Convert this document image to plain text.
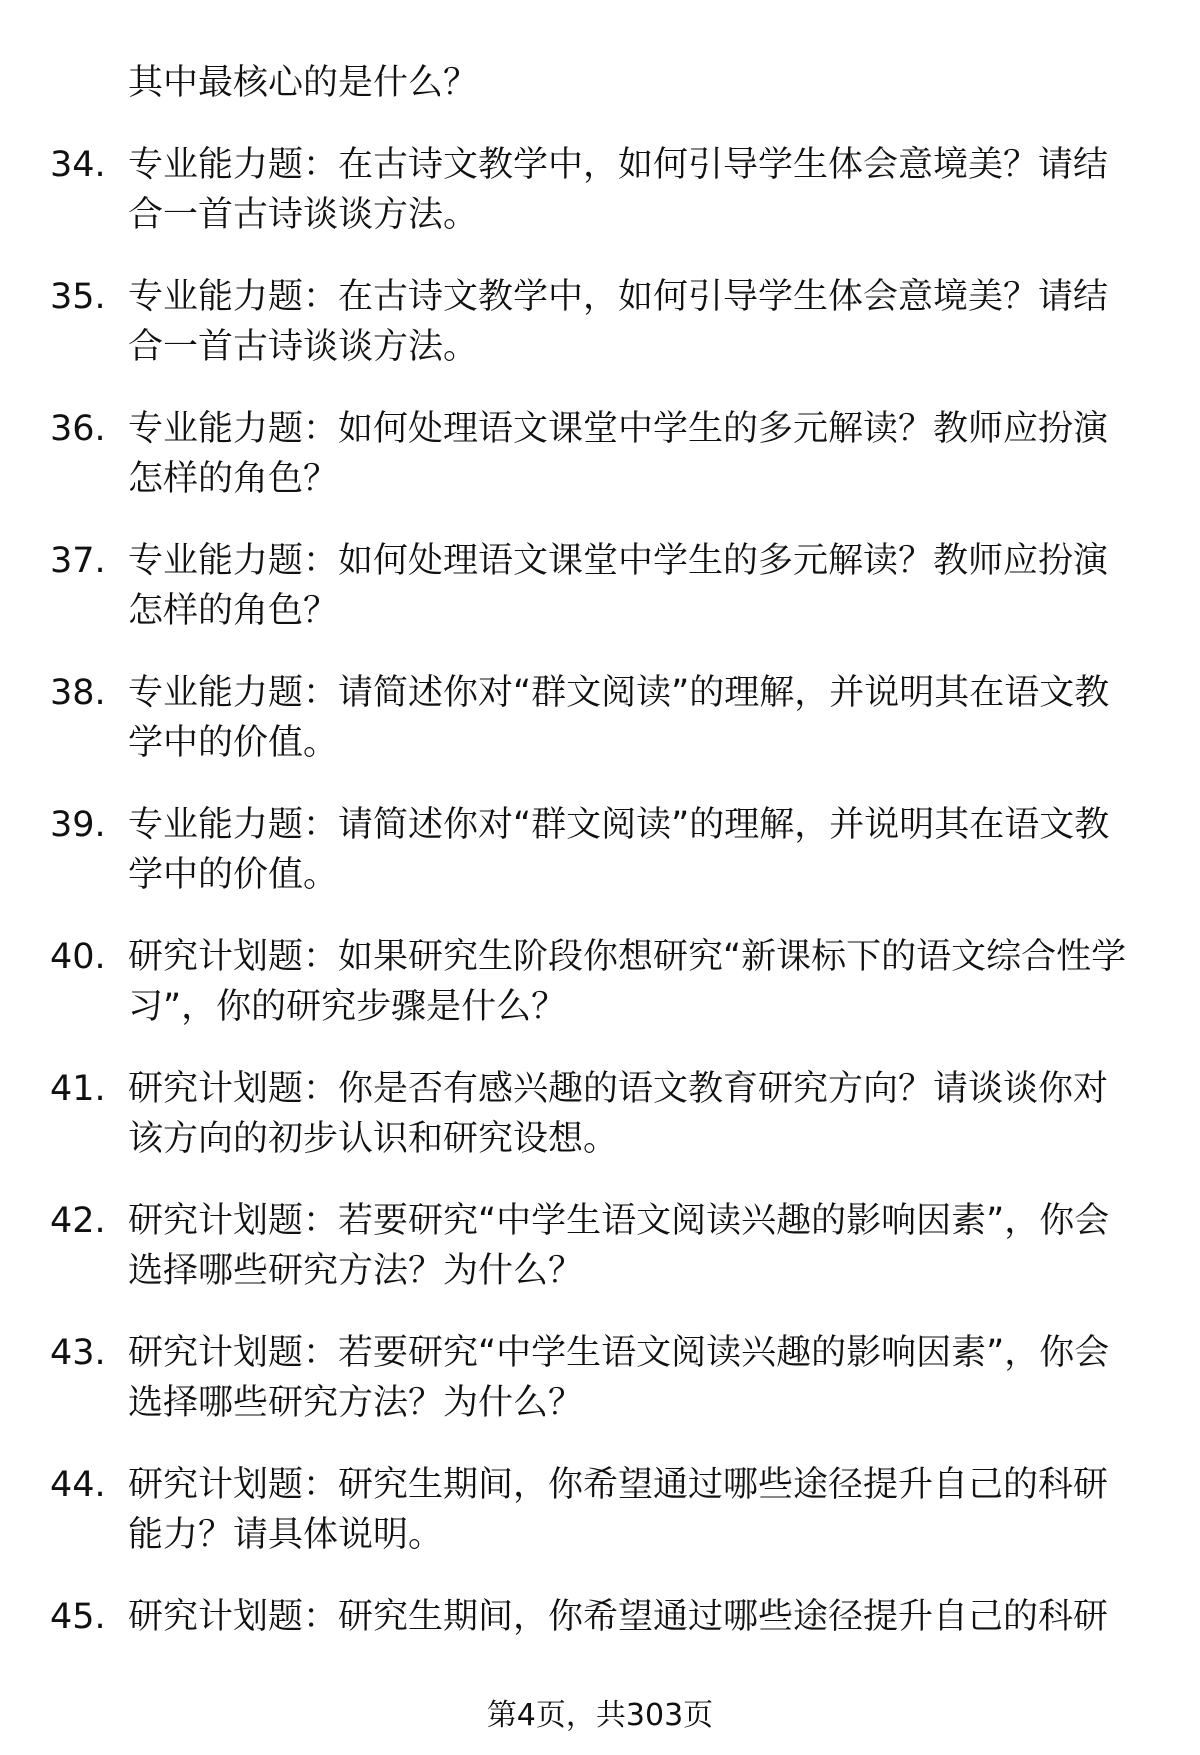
其中最核心的是什么？
34. 专业能力题：在古诗文教学中，如何引导学生体会意境美？请结合一首古诗谈谈方法。
35. 专业能力题：在古诗文教学中，如何引导学生体会意境美？请结合一首古诗谈谈方法。
36. 专业能力题：如何处理语文课堂中学生的多元解读？教师应扮演怎样的角色？
37. 专业能力题：如何处理语文课堂中学生的多元解读？教师应扮演怎样的角色？
38. 专业能力题：请简述你对“群文阅读”的理解，并说明其在语文教学中的价值。
39. 专业能力题：请简述你对“群文阅读”的理解，并说明其在语文教学中的价值。
40. 研究计划题：如果研究生阶段你想研究“新课标下的语文综合性学习”，你的研究步骤是什么？
41. 研究计划题：你是否有感兴趣的语文教育研究方向？请谈谈你对该方向的初步认识和研究设想。
42. 研究计划题：若要研究“中学生语文阅读兴趣的影响因素”，你会选择哪些研究方法？为什么？
43. 研究计划题：若要研究“中学生语文阅读兴趣的影响因素”，你会选择哪些研究方法？为什么？
44. 研究计划题：研究生期间，你希望通过哪些途径提升自己的科研能力？请具体说明。
45. 研究计划题：研究生期间，你希望通过哪些途径提升自己的科研
第4页，共303页
